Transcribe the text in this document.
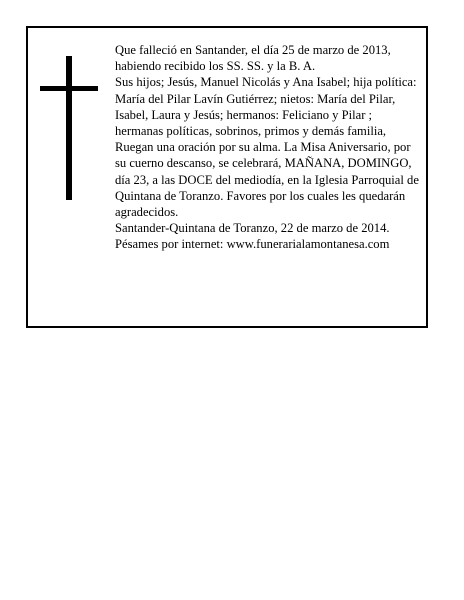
Que falleció en Santander, el día 25 de marzo de 2013, habiendo recibido los SS. SS. y la B. A.

Sus hijos; Jesús, Manuel Nicolás y Ana Isabel; hija política: María del Pilar Lavín Gutiérrez; nietos: María del Pilar, Isabel, Laura y Jesús; hermanos: Feliciano y Pilar ; hermanas políticas, sobrinos, primos y demás familia,

Ruegan una oración por su alma. La Misa Aniversario, por su cuerno descanso, se celebrará, MAÑANA, DOMINGO, día 23, a las DOCE del mediodía, en la Iglesia Parroquial de Quintana de Toranzo. Favores por los cuales les quedarán agradecidos.

Santander-Quintana de Toranzo, 22 de marzo de 2014.

Pésames por internet: www.funerarialamontanesa.com
